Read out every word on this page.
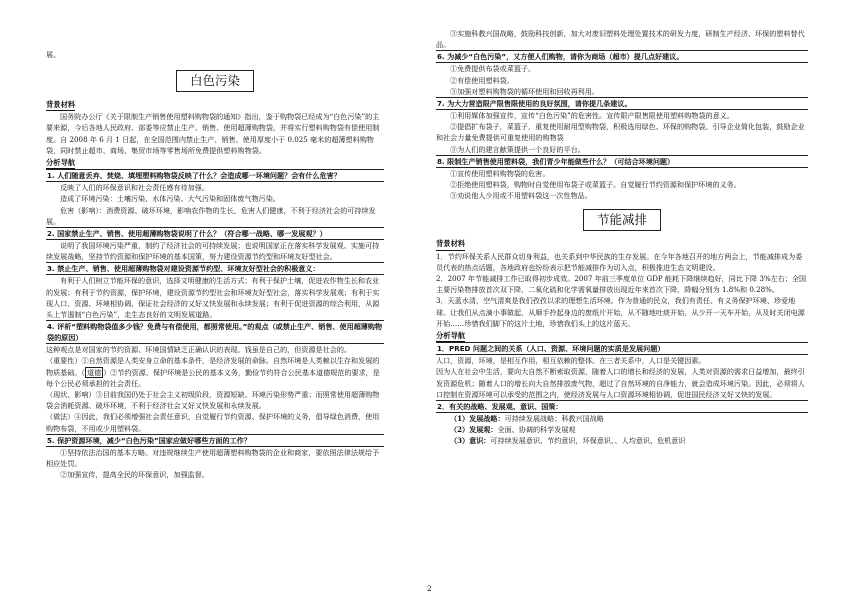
展。

白色污染
背景材料

国务院办公厅《关于限制生产销售使用塑料购物袋的通知》指出，鉴于购物袋已经成为“白色污染”的主要来源，今后各地人民政府、部委等应禁止生产、销售、使用超薄购物袋，并将实行塑料购物袋有偿使用制度。自 2008 年 6 月 1 日起，在全国范围内禁止生产、销售、使用厚度小于 0.025 毫米的超薄塑料购物袋，同时禁止超市、商场、集贸市场等零售场所免费提供塑料购物袋。

分析导航

1. 人们随意丢弃、焚烧、填埋塑料购物袋反映了什么？会造成哪一环境问题？会有什么危害？

反映了人们的环保意识和社会责任感有待加强。

造成了环境污染：土壤污染、水体污染、大气污染和固体废气物污染。

危害（影响）：消费资源、破坏环境，影响农作物的生长，危害人们健康，不利于经济社会的可持续发展。

2. 国家禁止生产、销售、使用超薄购物袋说明了什么？（符合哪一战略、哪一发展观？）

说明了我国环境污染严重，制约了经济社会的可持续发展；也说明国家正在落实科学发展观、实施可持续发展战略，坚持节约资源和保护环境的基本国策，努力建设资源节约型和环境友好型社会。

3. 禁止生产、销售、使用超薄购物袋对建设资源节约型、环境友好型社会的积极意义：

有利于人们树立节能环保的意识，选择文明健康的生活方式；有利于保护土壤，促进农作物生长和农业的发展；有利于节约资源，保护环境，建设资源节约型社会和环境友好型社会，落实科学发展观；有利于实现人口、资源、环境相协调，保证社会经济的又好又快发展和永续发展；有利于促进资源的综合利用，从源头上节遏制“白色污染”，走生态良好的文明发展道路。

4. 评析“塑料购物袋值多少钱？免费与有偿使用，都照常使用。”的观点（或禁止生产、销售、使用超薄购物袋的原因）

这种观点是对国家的节约资源、环境国情缺乏正确认识的表现。钱虽是自己的，但资源是社会的。

（重要性）①自然资源是人类安身立命的基本条件，是经济发展的命脉。自然环境是人类赖以生存和发展的物质基础。（ 道德 ）②节约资源、保护环境是公民的基本义务，勤俭节约符合公民基本道德规范的要求，是每个公民必须承担的社会责任。

（现状、影响）③目前我国仍处于社会主义初级阶段，资源短缺、环境污染形势严重；而照常使用超薄购物袋会消耗资源、破坏环境，不利于经济社会又好又快发展和永续发展。

（做法）④因此，我们必须增强社会责任意识，自觉履行节约资源、保护环境的义务，倡导绿色消费，使用购物布袋，不用或少用塑料袋。

5. 保护资源环境，减少“白色污染”国家应做好哪些方面的工作？

①坚持依法治国的基本方略。对违规继续生产使用超薄塑料购物袋的企业和商家，要依照法律法规给予相应处罚。

②加强宣传，提高全民的环保意识，加强监督。

③实施科教兴国战略，鼓励科技创新，加大对废旧塑料处理处置技术的研发力度，研制生产经济、环保的塑料替代品。

6. 为减少“白色污染”，又方便人们购物，请你为商场（超市）提几点好建议。

①免费提供布袋或菜篮子。

②有偿使用塑料袋。

③加强对塑料购物袋的循环使用和回收再利用。

7. 为大力营造限产限售限使用的良好氛围，请你提几条建议。

①利用媒体加强宣传，宣传“白色污染”的危害性。宣传限产限售限使用塑料购物袋的意义。

②提倡扩布袋子，菜篮子，重复使用耐用型购物袋，积极选用绿色、环保的购物袋。引导企业简化包装，鼓励企业和社会力量免费提供可重复使用的购物袋

③为人们的建言献策提供一个良好的平台。

8. 限制生产销售使用塑料袋，我们青少年能做些什么？（可结合环境问题）

①宣传使用塑料购物袋的危害。

②拒绝使用塑料袋，购物时自觉使用布袋子或菜篮子。自觉履行节约资源和保护环境的义务。

③劝说他人少用或不用塑料袋这一次性物品。

节能减排
背景材料

1．节约环保关系人民群众切身利益，也关系到中华民族的生存发展。在今年各地召开的地方两会上，节能减排成为委员代表的热点话题，各地政府也纷纷表示把节能减排作为切入点，积极推进生态文明建设。

2．2007 年节能减排工作已取得初步成效。2007 年前三季度单位 GDP 能耗下降继续趋好，同比下降 3%左右；全国主要污染物排放首次双下降，二氧化硫和化学需氧量排放出现近年来首次下降，降幅分别为 1.8%和 0.28%。

3．天蓝水清，空气清爽是我们孜孜以求的理想生活环境。作为普通的民众，我们有责任、有义务保护环境、珍爱地球。让我们从点滴小事做起，从顺手拎起身边的废纸片开始，从不随地吐痰开始，从少开一天车开始，从及时关闭电源开始……珍惜我们脚下的这片土地，珍惜我们头上的这片蓝天。

分析导航

1．PRED 问题之间的关系（人口、资源、环境问题的实质是发展问题）

人口，资源，环境，是相互作用，相互依赖的整体。在三者关系中，人口是关键因素。

因为人在社会中生活，要向大自然不断索取资源，随着人口的增长和经济的发展，人类对资源的需求日益增加，最终引发资源危机；随着人口的增长向大自然排放废气物，超过了自然环境的自净能力，就会造成环境污染。因此，必须将人口控制在资源环境可以承受的范围之内，使经济发展与人口资源环境相协调，促进国民经济又好又快的发展。

2．有关的战略、发展观、意识、国策：

（1）发展战略：可持续发展战略；科教兴国战略

（2）发展观：全面、协调的科学发展观

（3）意识：可持续发展意识、节约意识，环保意识、、人均意识、危机意识

2
